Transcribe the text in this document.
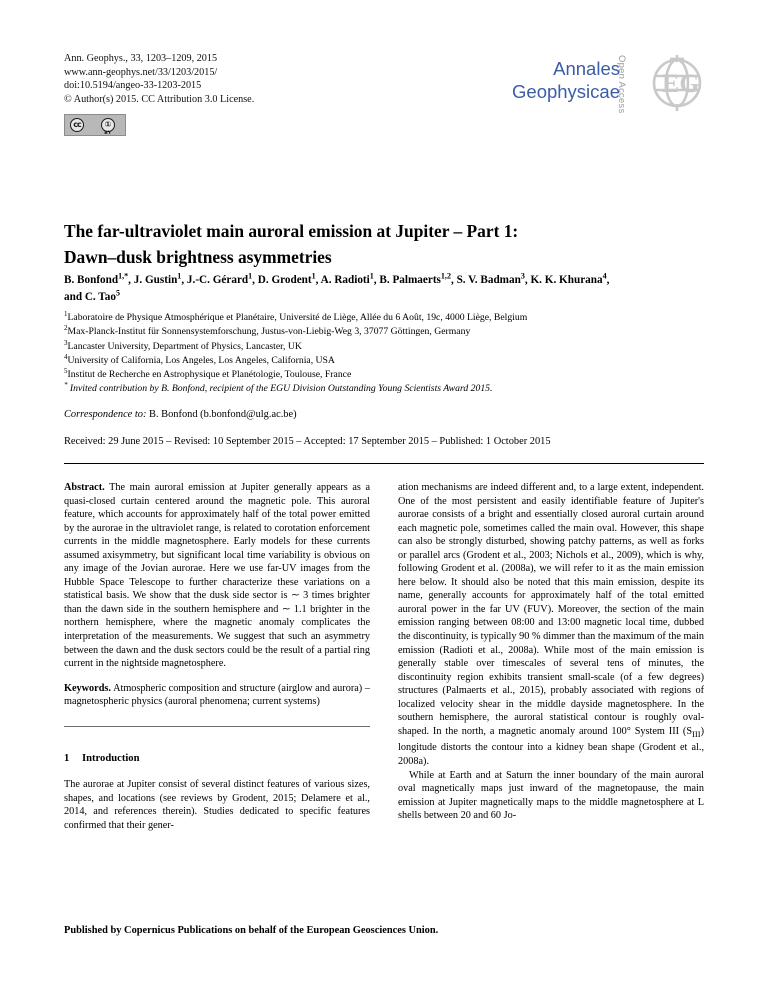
Ann. Geophys., 33, 1203–1209, 2015
www.ann-geophys.net/33/1203/2015/
doi:10.5194/angeo-33-1203-2015
© Author(s) 2015. CC Attribution 3.0 License.
cc	①
BY
Annales
Geophysicae
Open Access EG
The far-ultraviolet main auroral emission at Jupiter – Part 1:
Dawn–dusk brightness asymmetries
B. Bonfond$^{1,*}$, J. Gustin$^1$, J.-C. Gérard$^1$, D. Grodent$^1$, A. Radioti$^1$, B. Palmaerts$^{1,2}$, S. V. Badman$^3$, K. K. Khurana$^4$,
and C. Tao$^5$
$^1$Laboratoire de Physique Atmosphérique et Planétaire, Université de Liège, Allée du 6 Août, 19c, 4000 Liège, Belgium
$^2$Max-Planck-Institut für Sonnensystemforschung, Justus-von-Liebig-Weg 3, 37077 Göttingen, Germany
$^3$Lancaster University, Department of Physics, Lancaster, UK
$^4$University of California, Los Angeles, Los Angeles, California, USA
$^5$Institut de Recherche en Astrophysique et Planétologie, Toulouse, France
* Invited contribution by B. Bonfond, recipient of the EGU Division Outstanding Young Scientists Award 2015.
Correspondence to: B. Bonfond (b.bonfond@ulg.ac.be)
Received: 29 June 2015 – Revised: 10 September 2015 – Accepted: 17 September 2015 – Published: 1 October 2015

Abstract. The main auroral emission at Jupiter generally appears as a quasi-closed curtain centered around the magnetic pole. This auroral feature, which accounts for approximately half of the total power emitted by the aurorae in the ultraviolet range, is related to corotation enforcement currents in the middle magnetosphere. Early models for these currents assumed axisymmetry, but significant local time variability is obvious on any image of the Jovian aurorae. Here we use far-UV images from the Hubble Space Telescope to further characterize these variations on a statistical basis. We show that the dusk side sector is ∼ 3 times brighter than the dawn side in the southern hemisphere and ∼ 1.1 brighter in the northern hemisphere, where the magnetic anomaly complicates the interpretation of the measurements. We suggest that such an asymmetry between the dawn and the dusk sectors could be the result of a partial ring current in the nightside magnetosphere.

Keywords. Atmospheric composition and structure (airglow and aurora) – magnetospheric physics (auroral phenomena; current systems)

1 Introduction

The aurorae at Jupiter consist of several distinct features of various sizes, shapes, and locations (see reviews by Grodent, 2015; Delamere et al., 2014, and references therein). Studies dedicated to specific features confirmed that their gener-

ation mechanisms are indeed different and, to a large extent, independent. One of the most persistent and easily identifiable feature of Jupiter's aurorae consists of a bright and essentially closed auroral curtain around each magnetic pole, sometimes called the main oval. However, this shape can also be strongly disturbed, showing patchy patterns, as well as forks or parallel arcs (Grodent et al., 2003; Nichols et al., 2009), which is why, following Grodent et al. (2008a), we will refer to it as the main emission here below. It should also be noted that this main emission, despite its name, generally accounts for approximately half of the total emitted auroral power in the far UV (FUV). Moreover, the section of the main emission ranging between 08:00 and 13:00 magnetic local time, dubbed the discontinuity, is typically 90 % dimmer than the maximum of the main emission (Radioti et al., 2008a). While most of the main emission is generally stable over timescales of several tens of minutes, the discontinuity region exhibits transient small-scale (of a few degrees) structures (Palmaerts et al., 2015), probably associated with regions of localized velocity shear in the middle dayside magnetosphere. In the southern hemisphere, the auroral statistical contour is roughly oval-shaped. In the north, a magnetic anomaly around 100° System III $(S_{III})$ longitude distorts the contour into a kidney bean shape (Grodent et al., 2008a).

While at Earth and at Saturn the inner boundary of the main auroral oval magnetically maps just inward of the magnetopause, the main emission at Jupiter magnetically maps to the middle magnetosphere at L shells between 20 and 60 Jo-

Published by Copernicus Publications on behalf of the European Geosciences Union.
